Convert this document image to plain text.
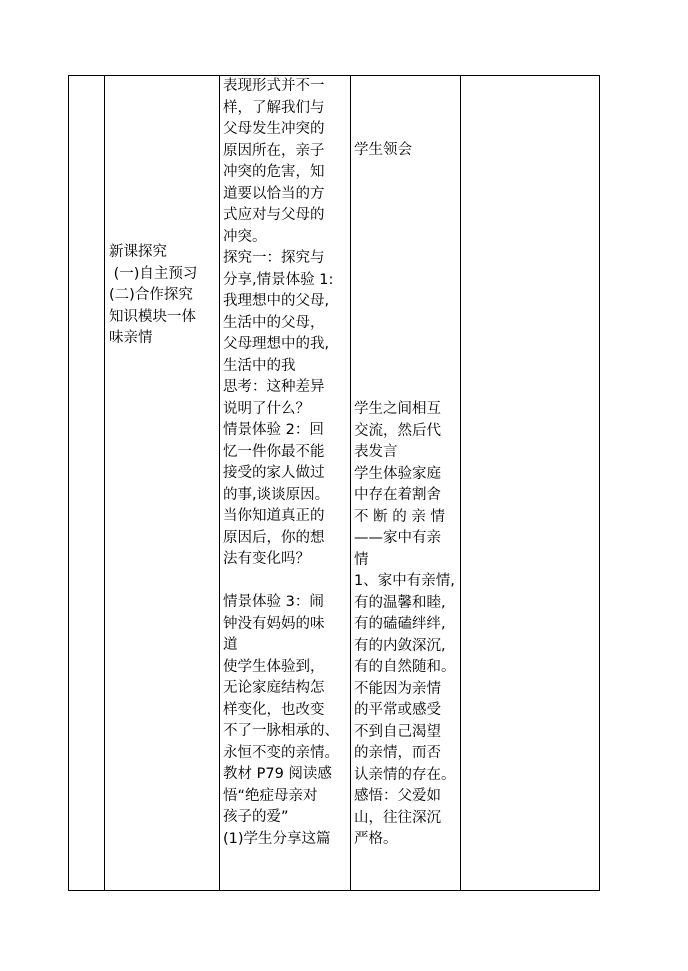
新课探究
(一)自主预习
(二)合作探究
知识模块一体
味亲情
表现形式并不一
样，了解我们与
父母发生冲突的
原因所在，亲子
冲突的危害，知
道要以恰当的方
式应对与父母的
冲突。
探究一：探究与
分享,情景体验 1:
我理想中的父母,
生活中的父母，
父母理想中的我,
生活中的我
思考：这种差异
说明了什么？
情景体验 2：回
忆一件你最不能
接受的家人做过
的事,谈谈原因。
当你知道真正的
原因后，你的想
法有变化吗？
情景体验 3：闹
钟没有妈妈的味
道
使学生体验到，
无论家庭结构怎
样变化，也改变
不了一脉相承的、
永恒不变的亲情。
教材 P79 阅读感
悟“绝症母亲对
孩子的爱”
(1)学生分享这篇
学生领会
学生之间相互
交流，然后代
表发言
学生体验家庭
中存在着割舍
不 断 的 亲 情
——家中有亲
情
1、家中有亲情,
有的温馨和睦,
有的磕磕绊绊,
有的内敛深沉,
有的自然随和。
不能因为亲情
的平常或感受
不到自己渴望
的亲情，而否
认亲情的存在。
感悟：父爱如
山，往往深沉
严格。
